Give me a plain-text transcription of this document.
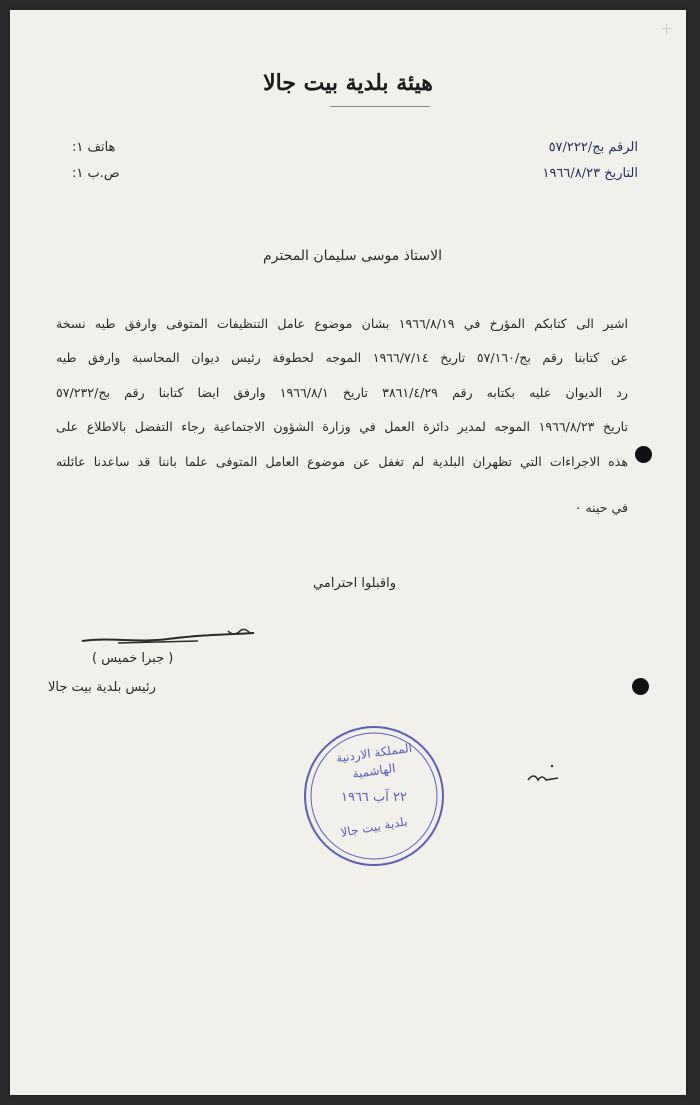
هيئة بلدية بيت جالا
الرقم بج/٥٧/٢٢٢
التاريخ ١٩٦٦/٨/٢٣
هاتف ١:
ص.ب ١:
الاستاذ موسى سليمان المحترم
اشير الى كتابكم المؤرخ في ١٩٦٦/٨/١٩ بشان موضوع عامل التنظيفات المتوفى وارفق طيه نسخة
عن كتابنا رقم بج/٥٧/١٦٠ تاريخ ١٩٦٦/٧/١٤ الموجه لحطوفة رئيس ديوان المحاسبة وارفق طيه
رد الديوان عليه بكتابه رقم ٣٨٦١/٤/٢٩ تاريخ ١٩٦٦/٨/١ وارفق ايضا كتابنا رقم بج/٥٧/٢٣٢
تاريخ ١٩٦٦/٨/٢٣ الموجه لمدير دائرة العمل في وزارة الشؤون الاجتماعية رجاء التفضل بالاطلاع على
هذه الاجراءات التي تظهران البلدية لم تغفل عن موضوع العامل المتوفى علما باننا قد ساعدنا عائلته
في حينه ٠
واقبلوا احترامي
( جبرا خميس )
رئيس بلدية بيت جالا
المملكة الاردنية
الهاشمية
٢٢ آب ١٩٦٦
بلدية بيت جالا
